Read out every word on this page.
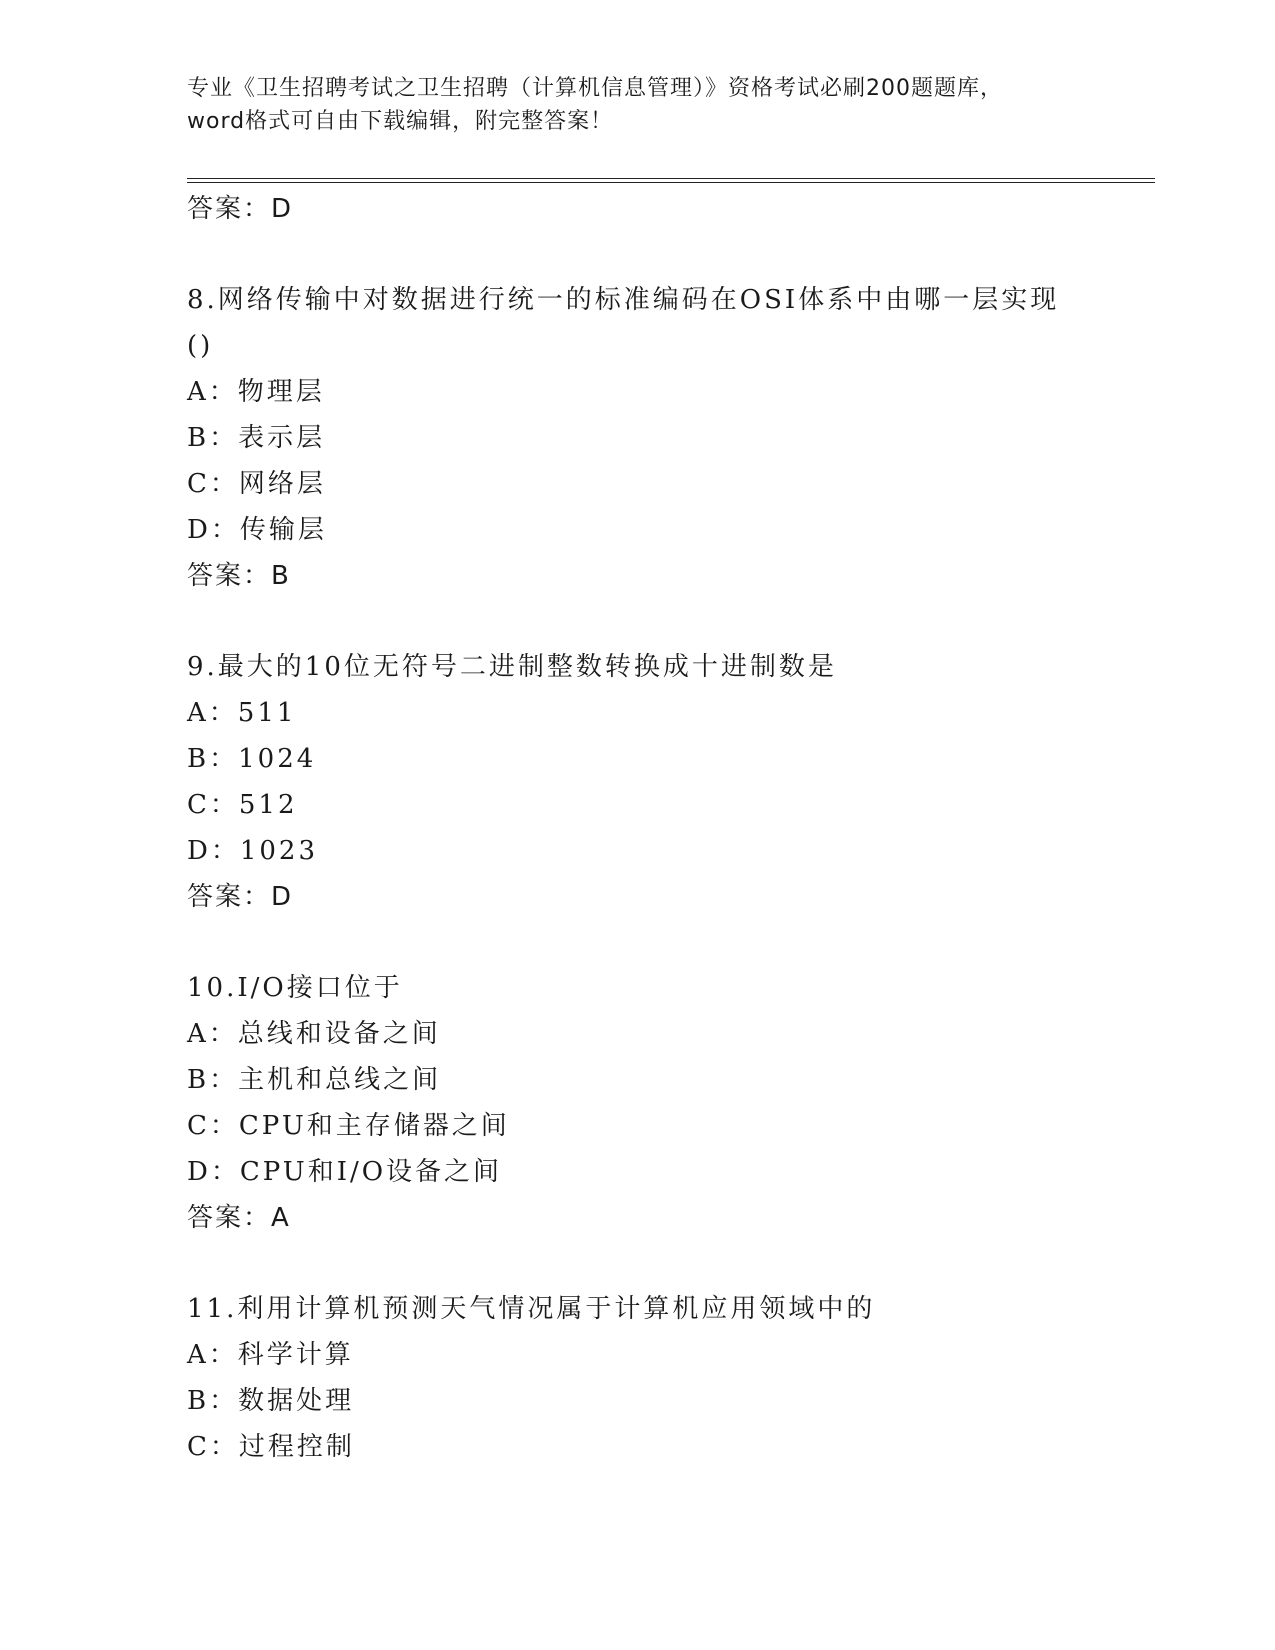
专业《卫生招聘考试之卫生招聘（计算机信息管理）》资格考试必刷200题题库，
word格式可自由下载编辑，附完整答案！
答案：D
8.网络传输中对数据进行统一的标准编码在OSI体系中由哪一层实现
()
A：物理层
B：表示层
C：网络层
D：传输层
答案：B
9.最大的10位无符号二进制整数转换成十进制数是
A：511
B：1024
C：512
D：1023
答案：D
10.I/O接口位于
A：总线和设备之间
B：主机和总线之间
C：CPU和主存储器之间
D：CPU和I/O设备之间
答案：A
11.利用计算机预测天气情况属于计算机应用领域中的
A：科学计算
B：数据处理
C：过程控制
